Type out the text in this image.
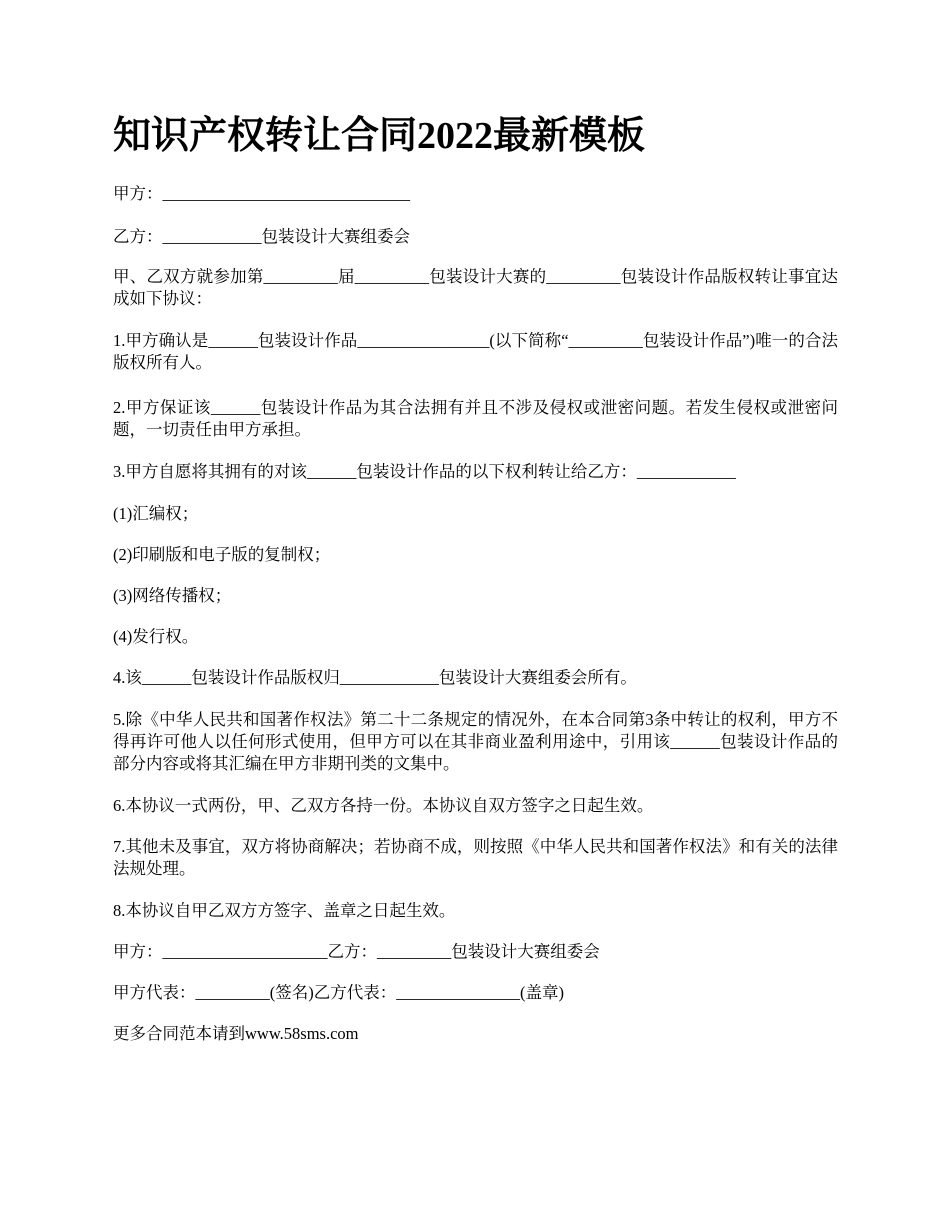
知识产权转让合同2022最新模板

甲方：______________________________

乙方：____________包装设计大赛组委会

甲、乙双方就参加第_________届_________包装设计大赛的_________包装设计作品版权转让事宜达成如下协议：

1.甲方确认是______包装设计作品________________(以下简称“_________包装设计作品”)唯一的合法版权所有人。

2.甲方保证该______包装设计作品为其合法拥有并且不涉及侵权或泄密问题。若发生侵权或泄密问题，一切责任由甲方承担。

3.甲方自愿将其拥有的对该______包装设计作品的以下权利转让给乙方：____________

(1)汇编权；

(2)印刷版和电子版的复制权；

(3)网络传播权；

(4)发行权。

4.该______包装设计作品版权归____________包装设计大赛组委会所有。

5.除《中华人民共和国著作权法》第二十二条规定的情况外，在本合同第3条中转让的权利，甲方不得再许可他人以任何形式使用，但甲方可以在其非商业盈利用途中，引用该______包装设计作品的部分内容或将其汇编在甲方非期刊类的文集中。

6.本协议一式两份，甲、乙双方各持一份。本协议自双方签字之日起生效。

7.其他未及事宜，双方将协商解决；若协商不成，则按照《中华人民共和国著作权法》和有关的法律法规处理。

8.本协议自甲乙双方方签字、盖章之日起生效。

甲方：____________________乙方：_________包装设计大赛组委会

甲方代表：_________(签名)乙方代表：_______________(盖章)

更多合同范本请到www.58sms.com
